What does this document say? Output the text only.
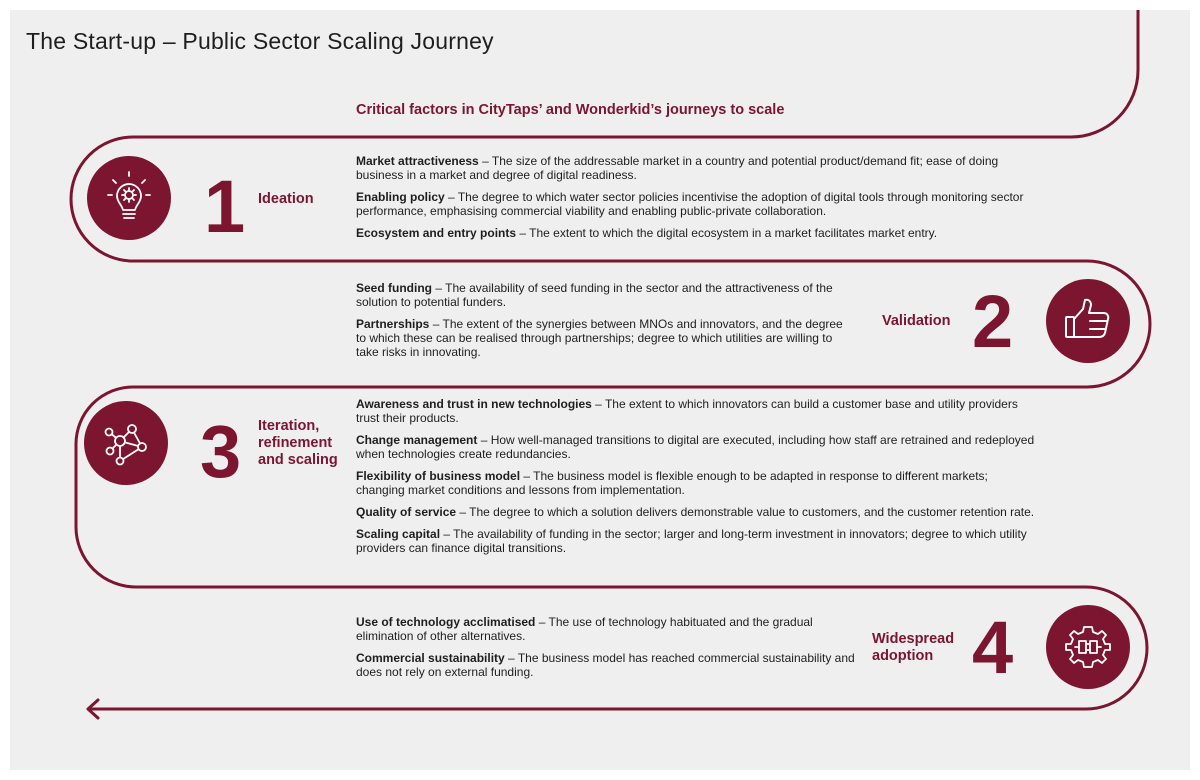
The Start-up – Public Sector Scaling Journey
Critical factors in CityTaps’ and Wonderkid’s journeys to scale
1 Ideation
Market attractiveness – The size of the addressable market in a country and potential product/demand fit; ease of doing business in a market and degree of digital readiness.
Enabling policy – The degree to which water sector policies incentivise the adoption of digital tools through monitoring sector performance, emphasising commercial viability and enabling public-private collaboration.
Ecosystem and entry points – The extent to which the digital ecosystem in a market facilitates market entry.
Seed funding – The availability of seed funding in the sector and the attractiveness of the solution to potential funders.
Partnerships – The extent of the synergies between MNOs and innovators, and the degree to which these can be realised through partnerships; degree to which utilities are willing to take risks in innovating.
Validation 2
3 Iteration, refinement and scaling
Awareness and trust in new technologies – The extent to which innovators can build a customer base and utility providers trust their products.
Change management – How well-managed transitions to digital are executed, including how staff are retrained and redeployed when technologies create redundancies.
Flexibility of business model – The business model is flexible enough to be adapted in response to different markets; changing market conditions and lessons from implementation.
Quality of service – The degree to which a solution delivers demonstrable value to customers, and the customer retention rate.
Scaling capital – The availability of funding in the sector; larger and long-term investment in innovators; degree to which utility providers can finance digital transitions.
Use of technology acclimatised – The use of technology habituated and the gradual elimination of other alternatives.
Commercial sustainability – The business model has reached commercial sustainability and does not rely on external funding.
Widespread adoption 4
